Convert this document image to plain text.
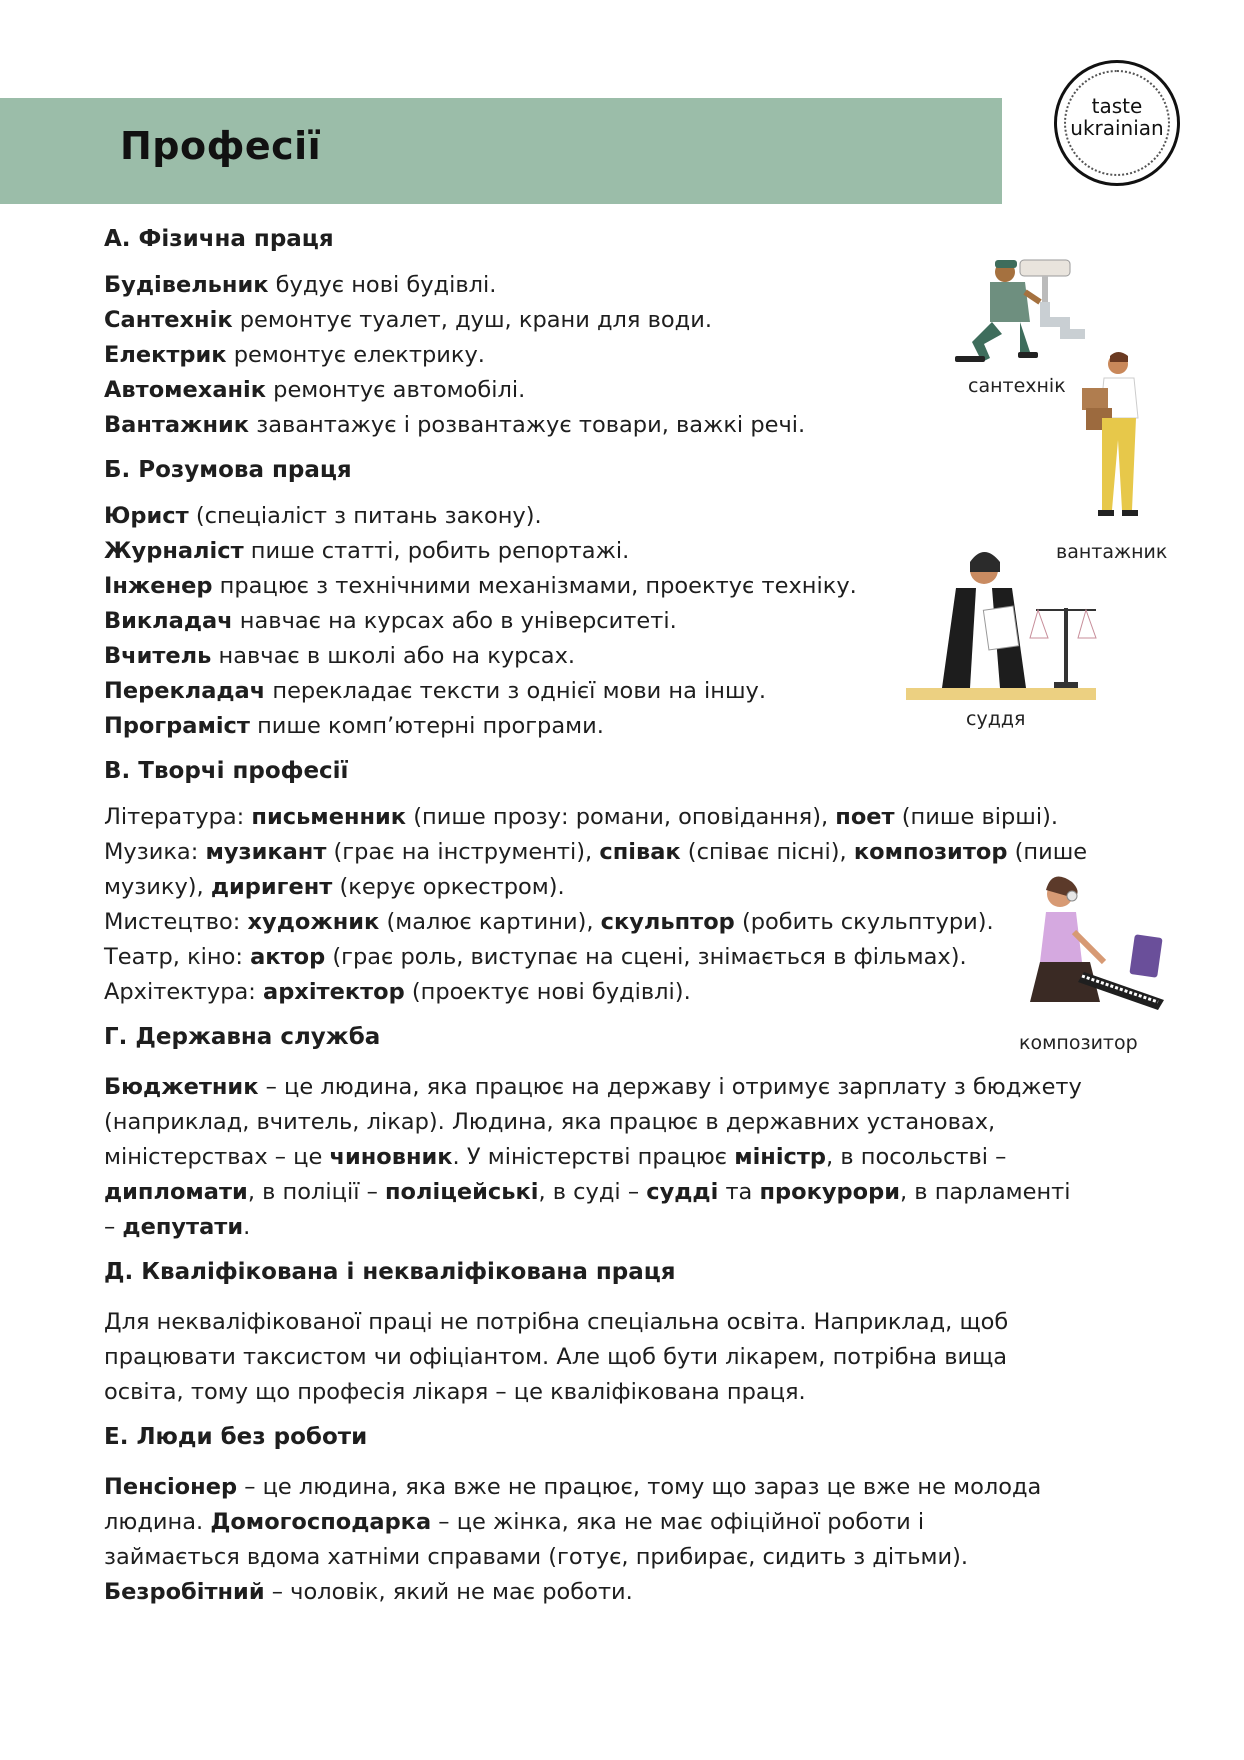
Професії
taste
ukrainian
сантехнік
вантажник
суддя
композитор
А. Фізична праця

Будівельник будує нові будівлі.

Сантехнік ремонтує туалет, душ, крани для води.

Електрик ремонтує електрику.

Автомеханік ремонтує автомобілі.

Вантажник завантажує і розвантажує товари, важкі речі.

Б. Розумова праця

Юрист (спеціаліст з питань закону).

Журналіст пише статті, робить репортажі.

Інженер працює з технічними механізмами, проектує техніку.

Викладач навчає на курсах або в університеті.

Вчитель навчає в школі або на курсах.

Перекладач перекладає тексти з однієї мови на іншу.

Програміст пише комп’ютерні програми.

В. Творчі професії

Література: письменник (пише прозу: романи, оповідання), поет (пише вірші).

Музика: музикант (грає на інструменті), співак (співає пісні), композитор (пише музику), диригент (керує оркестром).

Мистецтво: художник (малює картини), скульптор (робить скульптури).

Театр, кіно: актор (грає роль, виступає на сцені, знімається в фільмах).

Архітектура: архітектор (проектує нові будівлі).

Г. Державна служба

Бюджетник – це людина, яка працює на державу і отримує зарплату з бюджету (наприклад, вчитель, лікар). Людина, яка працює в державних установах, міністерствах – це чиновник. У міністерстві працює міністр, в посольстві – дипломати, в поліції – поліцейські, в суді – судді та прокурори, в парламенті – депутати.

Д. Кваліфікована і некваліфікована праця

Для некваліфікованої праці не потрібна спеціальна освіта. Наприклад, щоб працювати таксистом чи офіціантом. Але щоб бути лікарем, потрібна вища освіта, тому що професія лікаря – це кваліфікована праця.

Е. Люди без роботи

Пенсіонер – це людина, яка вже не працює, тому що зараз це вже не молода людина. Домогосподарка – це жінка, яка не має офіційної роботи і займається вдома хатніми справами (готує, прибирає, сидить з дітьми). Безробітний – чоловік, який не має роботи.
